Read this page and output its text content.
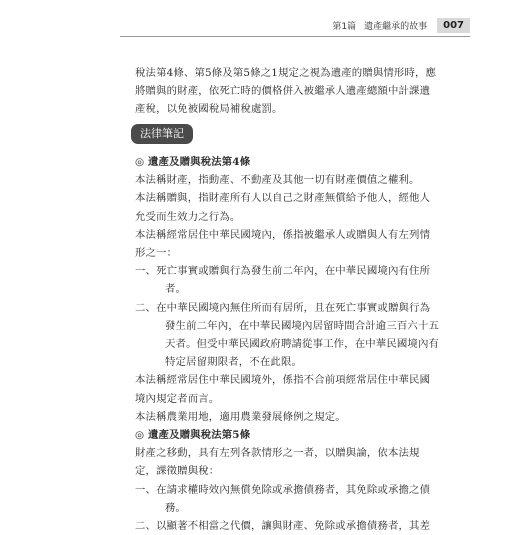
第1篇 遺產繼承的故事	007
稅法第4條、第5條及第5條之1規定之視為遺產的贈與情形時，應
將贈與的財產，依死亡時的價格併入被繼承人遺產總額中計課遺
產稅，以免被國稅局補稅處罰。
法律筆記
◎ 遺產及贈與稅法第4條
本法稱財產，指動產、不動產及其他一切有財產價值之權利。
本法稱贈與，指財產所有人以自己之財產無償給予他人，經他人
允受而生效力之行為。
本法稱經常居住中華民國境內，係指被繼承人或贈與人有左列情
形之一：
一、死亡事實或贈與行為發生前二年內，在中華民國境內有住所
者。
二、在中華民國境內無住所而有居所，且在死亡事實或贈與行為
發生前二年內，在中華民國境內居留時間合計逾三百六十五
天者。但受中華民國政府聘請從事工作，在中華民國境內有
特定居留期限者，不在此限。
本法稱經常居住中華民國境外，係指不合前項經常居住中華民國
境內規定者而言。
本法稱農業用地，適用農業發展條例之規定。
◎ 遺產及贈與稅法第5條
財產之移動，具有左列各款情形之一者，以贈與論，依本法規
定，課徵贈與稅：
一、在請求權時效內無償免除或承擔債務者，其免除或承擔之債
務。
二、以顯著不相當之代價，讓與財產、免除或承擔債務者，其差
